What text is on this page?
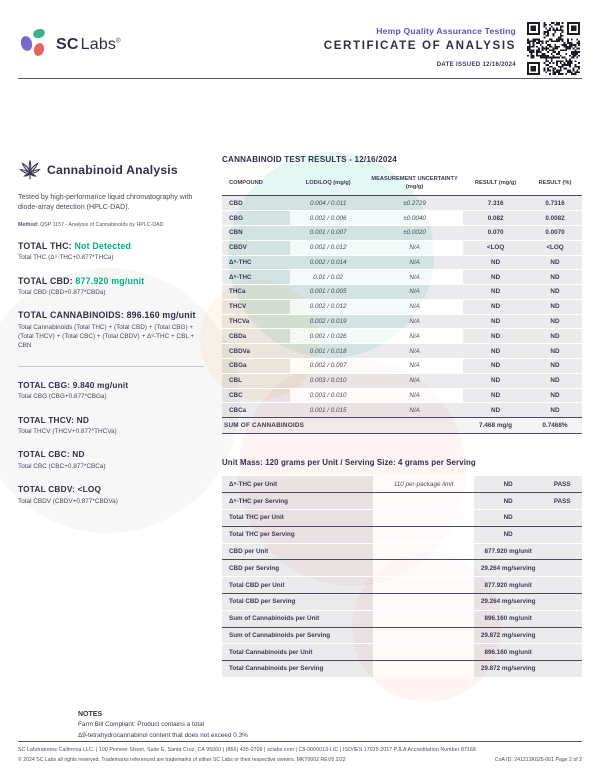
SC Labs®
Hemp Quality Assurance Testing
CERTIFICATE OF ANALYSIS
DATE ISSUED 12/16/2024
Cannabinoid Analysis

Tested by high-performance liquid chromatography with diode-array detection (HPLC-DAD).

Method: QSP 1157 - Analysis of Cannabinoids by HPLC-DAD

TOTAL THC: Not Detected
Total THC (Δ⁹-THC+0.877*THCa)
TOTAL CBD: 877.920 mg/unit
Total CBD (CBD+0.877*CBDa)
TOTAL CANNABINOIDS: 896.160 mg/unit
Total Cannabinoids (Total THC) + (Total CBD) + (Total CBG) + (Total THCV) + (Total CBC) + (Total CBDV) + Δ⁸-THC + CBL + CBN
TOTAL CBG: 9.840 mg/unit
Total CBG (CBG+0.877*CBGa)
TOTAL THCV: ND
Total THCV (THCV+0.877*THCVa)
TOTAL CBC: ND
Total CBC (CBC+0.877*CBCa)
TOTAL CBDV: <LOQ
Total CBDV (CBDV+0.877*CBDVa)
CANNABINOID TEST RESULTS - 12/16/2024
COMPOUND	LOD/LOQ (mg/g)	MEASUREMENT UNCERTAINTY (mg/g)	RESULT (mg/g)	RESULT (%)
CBD	0.004 / 0.011	±0.2729	7.316	0.7316
CBG	0.002 / 0.006	±0.0040	0.082	0.0082
CBN	0.001 / 0.007	±0.0020	0.070	0.0070
CBDV	0.002 / 0.012	N/A	<LOQ	<LOQ
Δ⁸-THC	0.002 / 0.014	N/A	ND	ND
Δ⁹-THC	0.01 / 0.02	N/A	ND	ND
THCa	0.001 / 0.005	N/A	ND	ND
THCV	0.002 / 0.012	N/A	ND	ND
THCVa	0.002 / 0.019	N/A	ND	ND
CBDa	0.001 / 0.026	N/A	ND	ND
CBDVa	0.001 / 0.018	N/A	ND	ND
CBGa	0.002 / 0.007	N/A	ND	ND
CBL	0.003 / 0.010	N/A	ND	ND
CBC	0.003 / 0.010	N/A	ND	ND
CBCa	0.001 / 0.015	N/A	ND	ND
SUM OF CANNABINOIDS			7.468 mg/g	0.7468%
Unit Mass: 120 grams per Unit / Serving Size: 4 grams per Serving
Δ⁹-THC per Unit	110 per-package limit	ND	PASS
Δ⁹-THC per Serving		ND	PASS
Total THC per Unit		ND	
Total THC per Serving		ND	
CBD per Unit		877.920 mg/unit	
CBD per Serving		29.264 mg/serving	
Total CBD per Unit		877.920 mg/unit	
Total CBD per Serving		29.264 mg/serving	
Sum of Cannabinoids per Unit		896.160 mg/unit	
Sum of Cannabinoids per Serving		29.872 mg/serving	
Total Cannabinoids per Unit		896.160 mg/unit	
Total Cannabinoids per Serving		29.872 mg/serving	
NOTES
Farm Bill Compliant: Product contains a total
Δ9-tetrahydrocannabinol content that does not exceed 0.3%
SC Laboratories California LLC. | 100 Pioneer Street, Suite E, Santa Cruz, CA 95060 | (866) 435-0709 | sclabs.com | C8-0000013-LIC | ISO/IES 17025:2017 PJLA Accreditation Number 87168
© 2024 SC Labs all rights reserved. Trademarks referenced are trademarks of either SC Labs or their respective owners. MKT0002 REV9 2/22	CoA ID: 241213K025-001 Page 2 of 2
